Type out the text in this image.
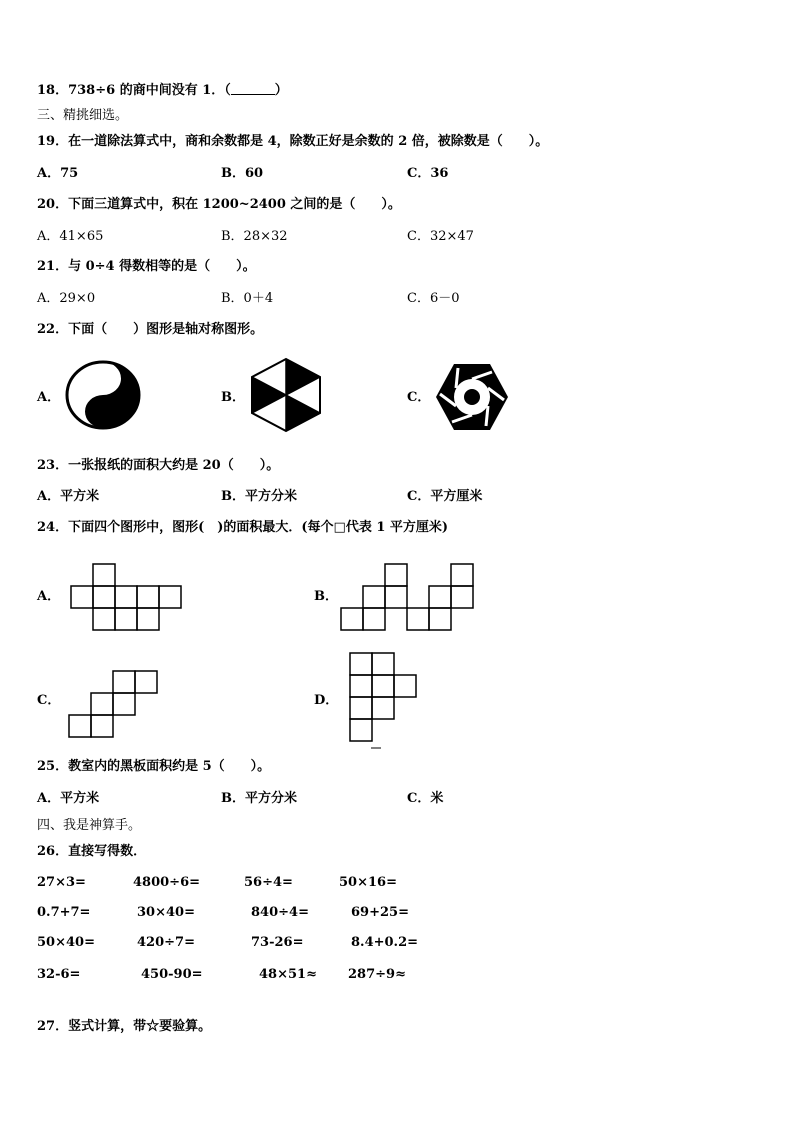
18．738÷6 的商中间没有 1．（	）
三、精挑细选。
19．在一道除法算式中，商和余数都是 4，除数正好是余数的 2 倍，被除数是（　　）。
A．75	B．60	C．36
20．下面三道算式中，积在 1200~2400 之间的是（　　）。
A．41×65	B．28×32	C．32×47
21．与 0÷4 得数相等的是（　　）。
A．29×0	B．0＋4	C．6－0
22．下面（　　）图形是轴对称图形。
A．	B．	C．
23．一张报纸的面积大约是 20（　　）。
A．平方米	B．平方分米	C．平方厘米
24．下面四个图形中，图形(　)的面积最大．(每个□代表 1 平方厘米)
A．	B．
C．	D．
25．教室内的黑板面积约是 5（　　）。
A．平方米	B．平方分米	C．米
四、我是神算手。
26．直接写得数．
27×3=	4800÷6=	56÷4=	50×16=
0.7+7=	30×40=	840÷4=	69+25=
50×40=	420÷7=	73-26=	8.4+0.2=
32-6=	450-90=	48×51≈ 287÷9≈
27．竖式计算，带☆要验算。
